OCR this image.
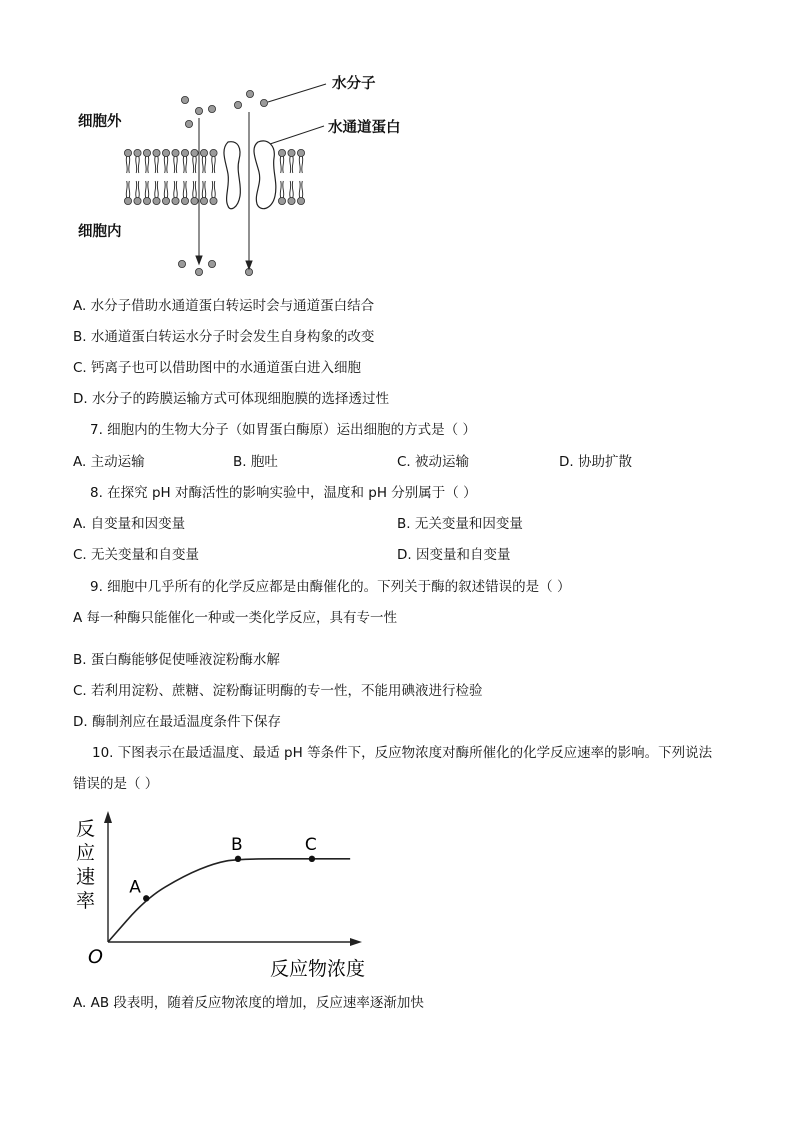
细胞外
细胞内
水分子
水通道蛋白
A. 水分子借助水通道蛋白转运时会与通道蛋白结合
B. 水通道蛋白转运水分子时会发生自身构象的改变
C. 钙离子也可以借助图中的水通道蛋白进入细胞
D. 水分子的跨膜运输方式可体现细胞膜的选择透过性
7. 细胞内的生物大分子（如胃蛋白酶原）运出细胞的方式是（ ）
A. 主动运输	B. 胞吐	C. 被动运输	D. 协助扩散
8. 在探究 pH 对酶活性的影响实验中，温度和 pH 分别属于（ ）
A. 自变量和因变量	B. 无关变量和因变量
C. 无关变量和自变量	D. 因变量和自变量
9. 细胞中几乎所有的化学反应都是由酶催化的。下列关于酶的叙述错误的是（ ）
A 每一种酶只能催化一种或一类化学反应，具有专一性
B. 蛋白酶能够促使唾液淀粉酶水解
C. 若利用淀粉、蔗糖、淀粉酶证明酶的专一性，不能用碘液进行检验
D. 酶制剂应在最适温度条件下保存
10. 下图表示在最适温度、最适 pH 等条件下，反应物浓度对酶所催化的化学反应速率的影响。下列说法
错误的是（ ）
A
B	C
反
应
速
率
O
反应物浓度
A. AB 段表明，随着反应物浓度的增加，反应速率逐渐加快
